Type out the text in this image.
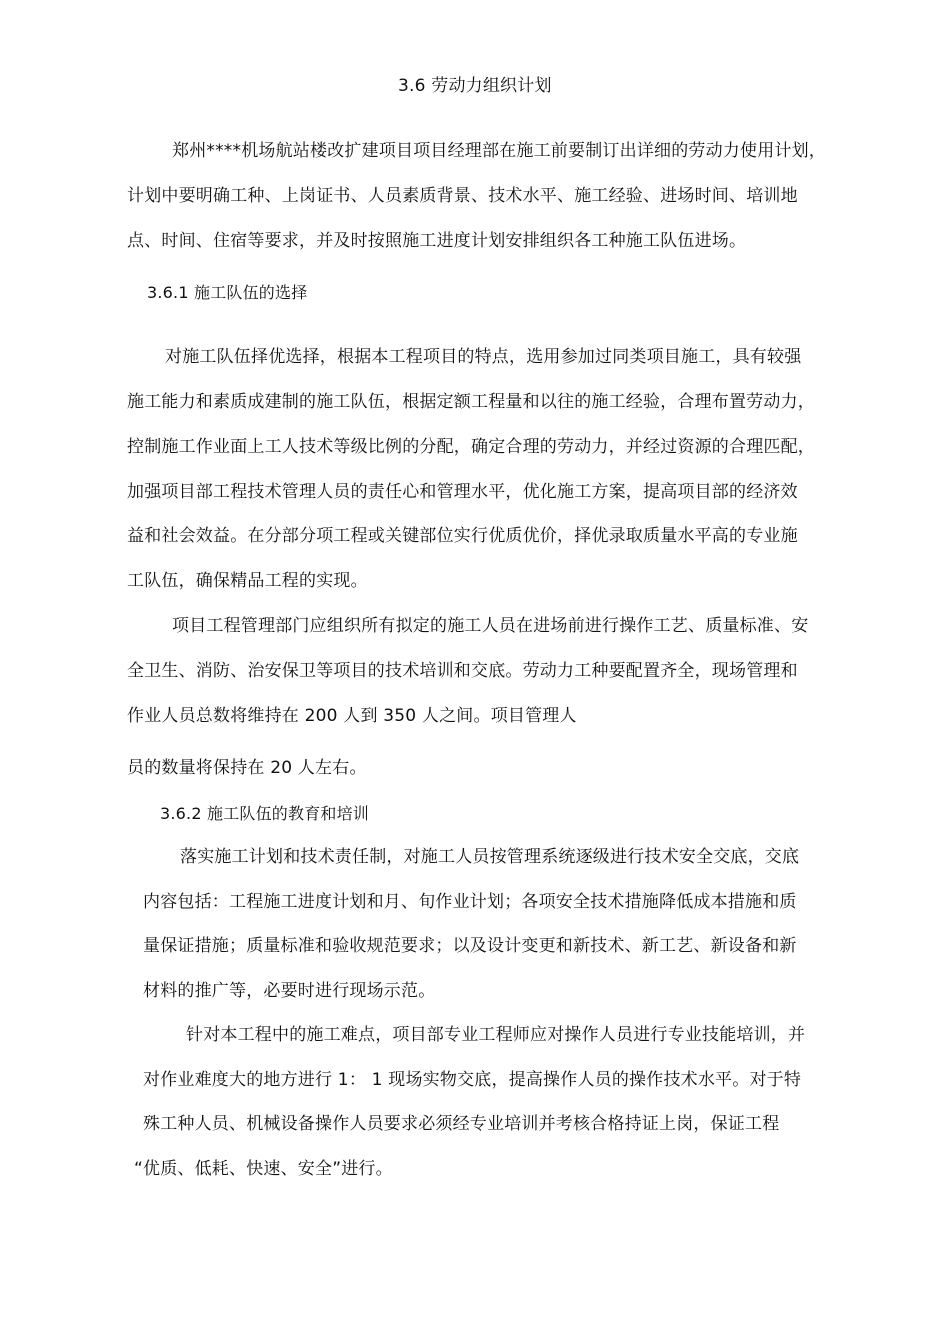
3.6 劳动力组织计划
郑州****机场航站楼改扩建项目项目经理部在施工前要制订出详细的劳动力使用计划，
计划中要明确工种、上岗证书、人员素质背景、技术水平、施工经验、进场时间、培训地
点、时间、住宿等要求，并及时按照施工进度计划安排组织各工种施工队伍进场。
3.6.1 施工队伍的选择
对施工队伍择优选择，根据本工程项目的特点，选用参加过同类项目施工，具有较强
施工能力和素质成建制的施工队伍，根据定额工程量和以往的施工经验，合理布置劳动力，
控制施工作业面上工人技术等级比例的分配，确定合理的劳动力，并经过资源的合理匹配，
加强项目部工程技术管理人员的责任心和管理水平，优化施工方案，提高项目部的经济效
益和社会效益。在分部分项工程或关键部位实行优质优价，择优录取质量水平高的专业施
工队伍，确保精品工程的实现。
项目工程管理部门应组织所有拟定的施工人员在进场前进行操作工艺、质量标准、安
全卫生、消防、治安保卫等项目的技术培训和交底。劳动力工种要配置齐全，现场管理和
作业人员总数将维持在 200 人到 350 人之间。项目管理人
员的数量将保持在 20 人左右。
3.6.2 施工队伍的教育和培训
落实施工计划和技术责任制，对施工人员按管理系统逐级进行技术安全交底，交底
内容包括：工程施工进度计划和月、旬作业计划；各项安全技术措施降低成本措施和质
量保证措施；质量标准和验收规范要求；以及设计变更和新技术、新工艺、新设备和新
材料的推广等，必要时进行现场示范。
针对本工程中的施工难点，项目部专业工程师应对操作人员进行专业技能培训，并
对作业难度大的地方进行 1： 1 现场实物交底，提高操作人员的操作技术水平。对于特
殊工种人员、机械设备操作人员要求必须经专业培训并考核合格持证上岗，保证工程
“优质、低耗、快速、安全”进行。
